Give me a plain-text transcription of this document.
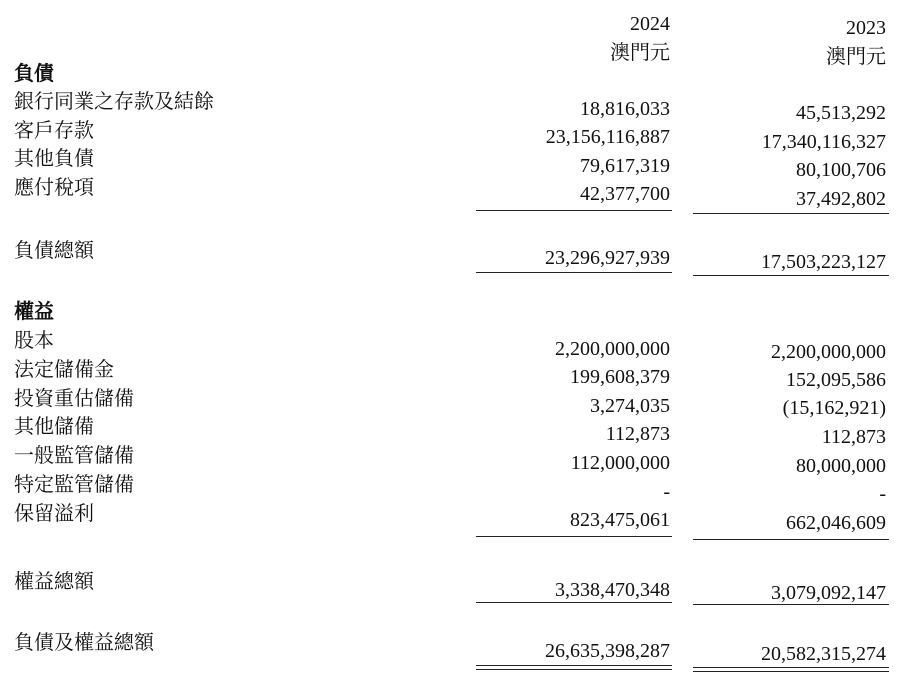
2024	2023
澳門元	澳門元
負債
銀行同業之存款及結餘	18,816,033	45,513,292
客戶存款	23,156,116,887	17,340,116,327
其他負債	79,617,319	80,100,706
應付稅項	42,377,700	37,492,802
負債總額	23,296,927,939	17,503,223,127
權益
股本	2,200,000,000	2,200,000,000
法定儲備金	199,608,379	152,095,586
投資重估儲備	3,274,035	(15,162,921)
其他儲備	112,873	112,873
一般監管儲備	112,000,000	80,000,000
特定監管儲備	-	-
保留溢利	823,475,061	662,046,609
權益總額	3,338,470,348	3,079,092,147
負債及權益總額	26,635,398,287	20,582,315,274
